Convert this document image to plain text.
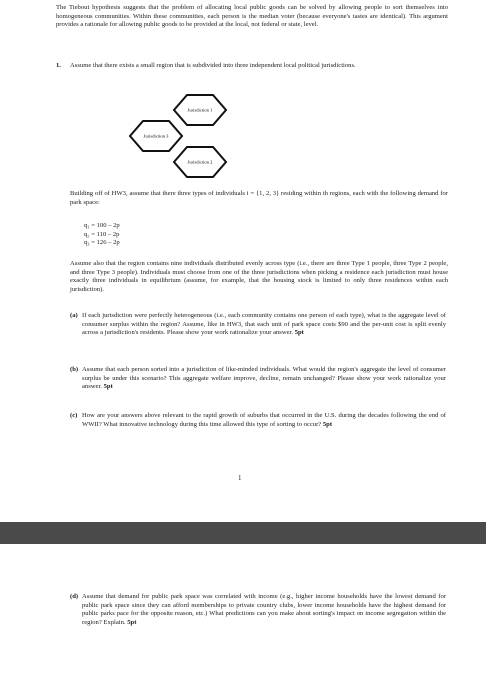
The Tiebout hypothesis suggests that the problem of allocating local public goods can be solved by allowing people to sort themselves into homogeneous communities. Within these communities, each person is the median voter (because everyone's tastes are identical). This argument provides a rationale for allowing public goods to be provided at the local, not federal or state, level.
1. Assume that there exists a small region that is subdivided into three independent local political jurisdictions.
Jurisdiction 1
Jurisdiction 3
Jurisdiction 2
Building off of HW3, assume that there three types of individuals i = {1, 2, 3} residing within th regions, each with the following demand for park space:
q₁ = 100 – 2p
q₂ = 110 – 2p
q₃ = 126 – 2p
Assume also that the region contains nine individuals distributed evenly across type (i.e., there are three Type 1 people, three Type 2 people, and three Type 3 people). Individuals must choose from one of the three jurisdictions when picking a residence each jurisdiction must house exactly three individuals in equilibrium (assume, for example, that the housing stock is limited to only three residences within each jurisdiction).
(a) If each jurisdiction were perfectly heterogeneous (i.e., each community contains one person of each type), what is the aggregate level of consumer surplus within the region? Assume, like in HW3, that each unit of park space costs $90 and the per-unit cost is split evenly across a jurisdiction's residents. Please show your work rationalize your answer. 5pt
(b) Assume that each person sorted into a jurisdiction of like-minded individuals. What would the region's aggregate the level of consumer surplus be under this scenario? This aggregate welfare improve, decline, remain unchanged? Please show your work rationalize your answer. 5pt
(c) How are your answers above relevant to the rapid growth of suburbs that occurred in the U.S. during the decades following the end of WWII? What innovative technology during this time allowed this type of sorting to occur? 5pt
1
(d) Assume that demand for public park space was correlated with income (e.g., higher income households have the lowest demand for public park space since they can afford memberships to private country clubs, lower income households have the highest demand for public parks pace for the opposite reason, etc.) What predictions can you make about sorting's impact on income segregation within the region? Explain. 5pt
